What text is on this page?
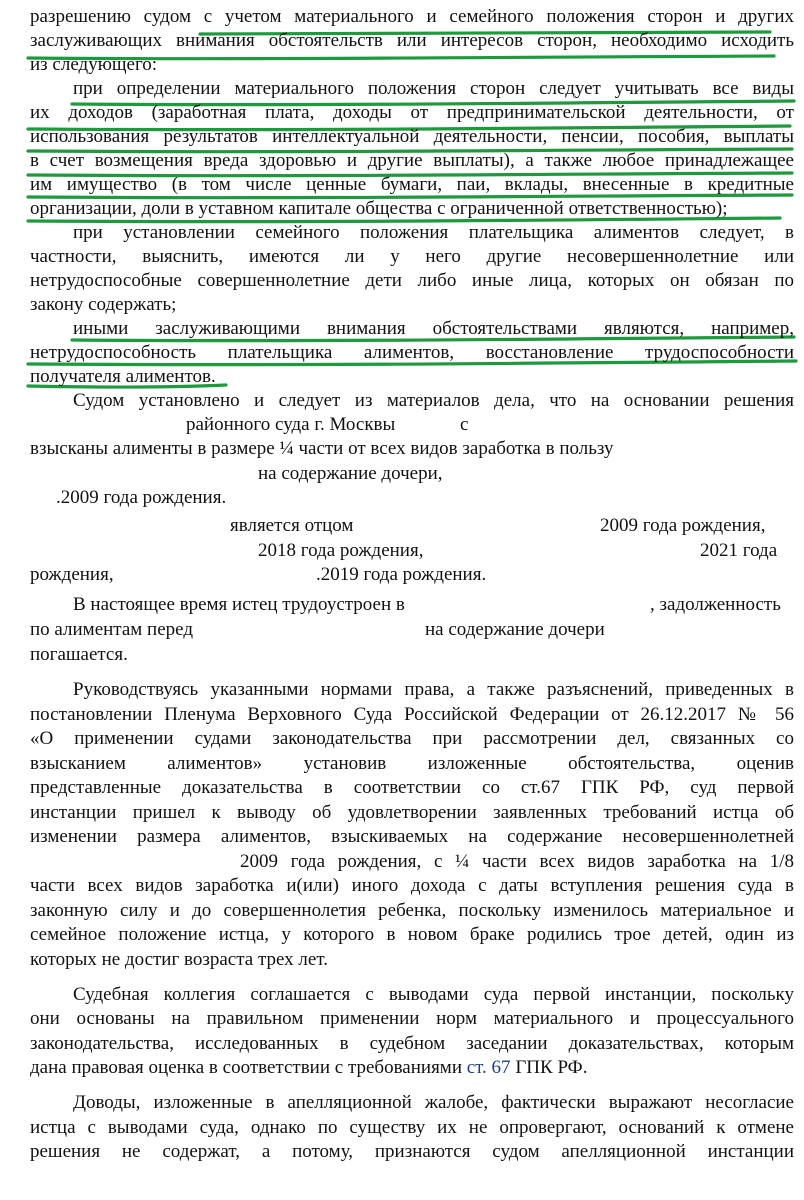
разрешению судом с учетом материального и семейного положения сторон и других
заслуживающих внимания обстоятельств или интересов сторон, необходимо исходить
из следующего:
при определении материального положения сторон следует учитывать все виды
их доходов (заработная плата, доходы от предпринимательской деятельности, от
использования результатов интеллектуальной деятельности, пенсии, пособия, выплаты
в счет возмещения вреда здоровью и другие выплаты), а также любое принадлежащее
им имущество (в том числе ценные бумаги, паи, вклады, внесенные в кредитные
организации, доли в уставном капитале общества с ограниченной ответственностью);
при установлении семейного положения плательщика алиментов следует, в
частности, выяснить, имеются ли у него другие несовершеннолетние или
нетрудоспособные совершеннолетние дети либо иные лица, которых он обязан по
закону содержать;
иными заслуживающими внимания обстоятельствами являются, например,
нетрудоспособность плательщика алиментов, восстановление трудоспособности
получателя алиментов.
Судом установлено и следует из материалов дела, что на основании решения
районного суда г. Москвы	с
взысканы алименты в размере ¼ части от всех видов заработка в пользу
на содержание дочери,
.2009 года рождения.
является отцом	2009 года рождения,
2018 года рождения,	2021 года
рождения,	.2019 года рождения.
В настоящее время истец трудоустроен в	, задолженность
по алиментам перед	на содержание дочери
погашается.
Руководствуясь указанными нормами права, а также разъяснений, приведенных в
постановлении Пленума Верховного Суда Российской Федерации от 26.12.2017 № 56
«О применении судами законодательства при рассмотрении дел, связанных со
взысканием алиментов» установив изложенные обстоятельства, оценив
представленные доказательства в соответствии со ст.67 ГПК РФ, суд первой
инстанции пришел к выводу об удовлетворении заявленных требований истца об
изменении размера алиментов, взыскиваемых на содержание несовершеннолетней
2009 года рождения, с ¼ части всех видов заработка на 1/8
части всех видов заработка и(или) иного дохода с даты вступления решения суда в
законную силу и до совершеннолетия ребенка, поскольку изменилось материальное и
семейное положение истца, у которого в новом браке родились трое детей, один из
которых не достиг возраста трех лет.
Судебная коллегия соглашается с выводами суда первой инстанции, поскольку
они основаны на правильном применении норм материального и процессуального
законодательства, исследованных в судебном заседании доказательствах, которым
дана правовая оценка в соответствии с требованиями ст. 67 ГПК РФ.
Доводы, изложенные в апелляционной жалобе, фактически выражают несогласие
истца с выводами суда, однако по существу их не опровергают, оснований к отмене
решения не содержат, а потому, признаются судом апелляционной инстанции
